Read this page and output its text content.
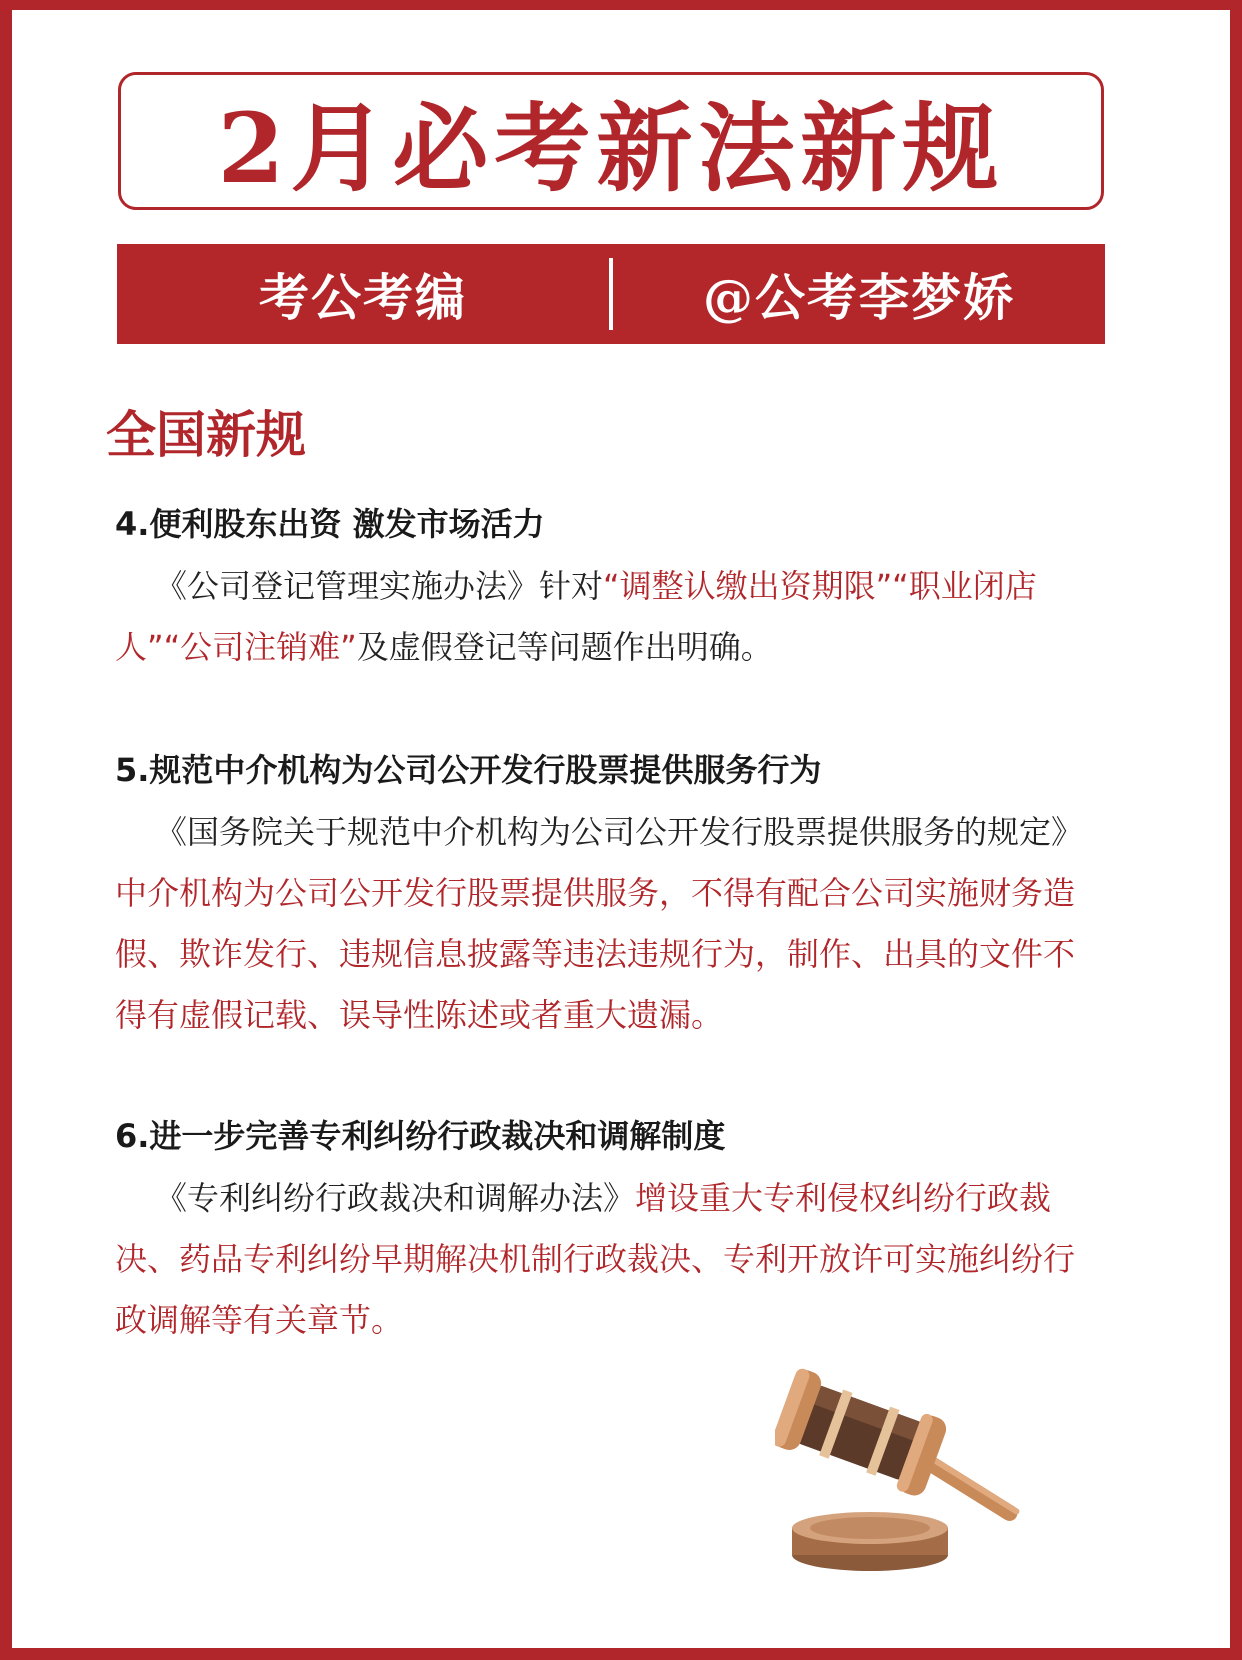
2月必考新法新规
考公考编	@公考李梦娇
全国新规
4.便利股东出资 激发市场活力
《公司登记管理实施办法》针对“调整认缴出资期限”“职业闭店人”“公司注销难”及虚假登记等问题作出明确。
5.规范中介机构为公司公开发行股票提供服务行为
《国务院关于规范中介机构为公司公开发行股票提供服务的规定》中介机构为公司公开发行股票提供服务，不得有配合公司实施财务造假、欺诈发行、违规信息披露等违法违规行为，制作、出具的文件不得有虚假记载、误导性陈述或者重大遗漏。
6.进一步完善专利纠纷行政裁决和调解制度
《专利纠纷行政裁决和调解办法》增设重大专利侵权纠纷行政裁决、药品专利纠纷早期解决机制行政裁决、专利开放许可实施纠纷行政调解等有关章节。
